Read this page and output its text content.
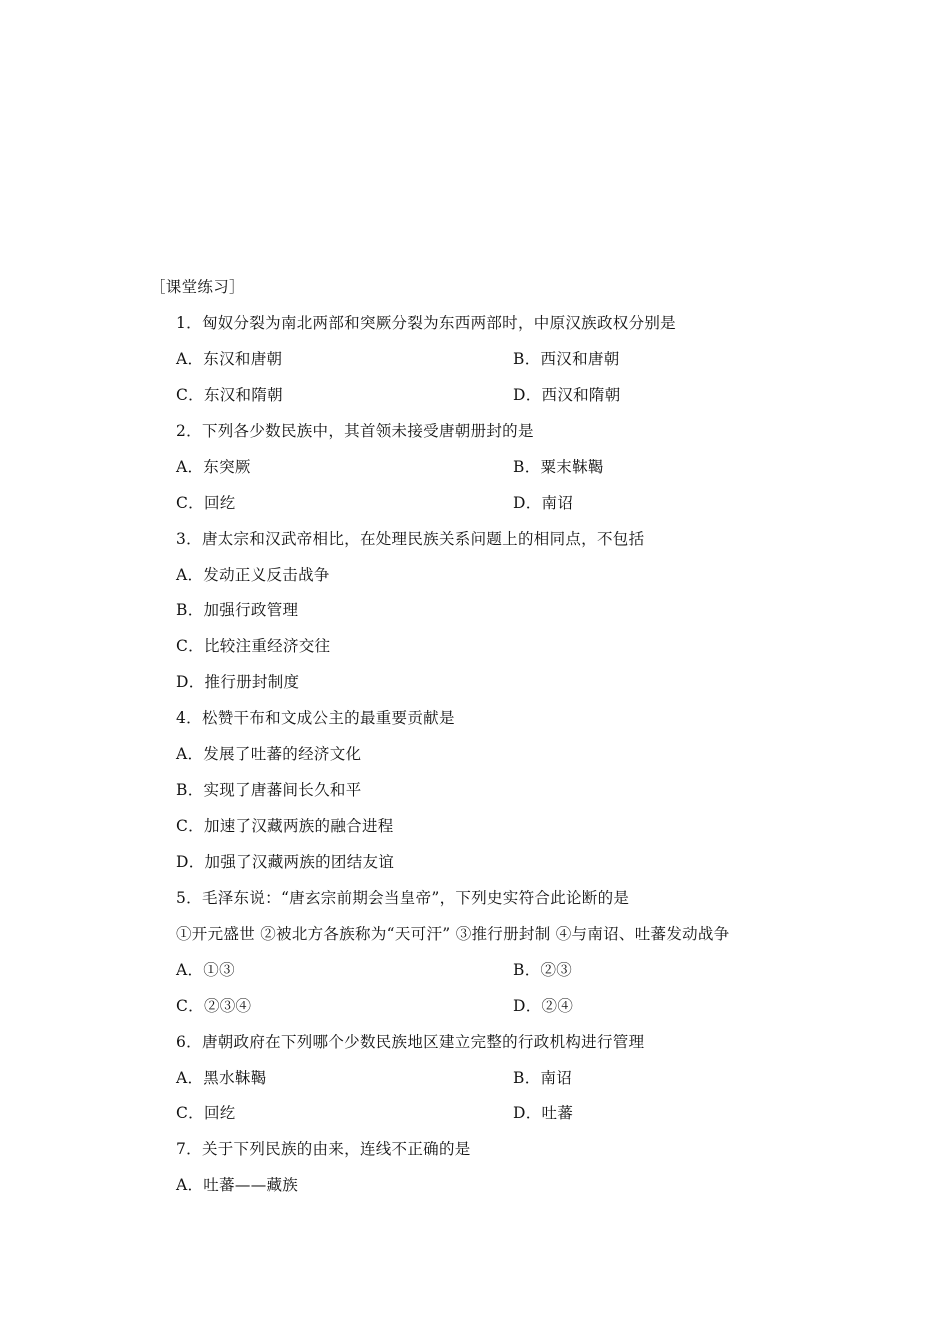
［课堂练习］
1．匈奴分裂为南北两部和突厥分裂为东西两部时，中原汉族政权分别是
A．东汉和唐朝	B．西汉和唐朝
C．东汉和隋朝	D．西汉和隋朝
2．下列各少数民族中，其首领未接受唐朝册封的是
A．东突厥	B．粟末靺鞨
C．回纥	D．南诏
3．唐太宗和汉武帝相比，在处理民族关系问题上的相同点，不包括
A．发动正义反击战争
B．加强行政管理
C．比较注重经济交往
D．推行册封制度
4．松赞干布和文成公主的最重要贡献是
A．发展了吐蕃的经济文化
B．实现了唐蕃间长久和平
C．加速了汉藏两族的融合进程
D．加强了汉藏两族的团结友谊
5．毛泽东说：“唐玄宗前期会当皇帝”，下列史实符合此论断的是
①开元盛世 ②被北方各族称为“天可汗” ③推行册封制 ④与南诏、吐蕃发动战争
A．①③	B．②③
C．②③④	D．②④
6．唐朝政府在下列哪个少数民族地区建立完整的行政机构进行管理
A．黑水靺鞨	B．南诏
C．回纥	D．吐蕃
7．关于下列民族的由来，连线不正确的是
A．吐蕃——藏族
